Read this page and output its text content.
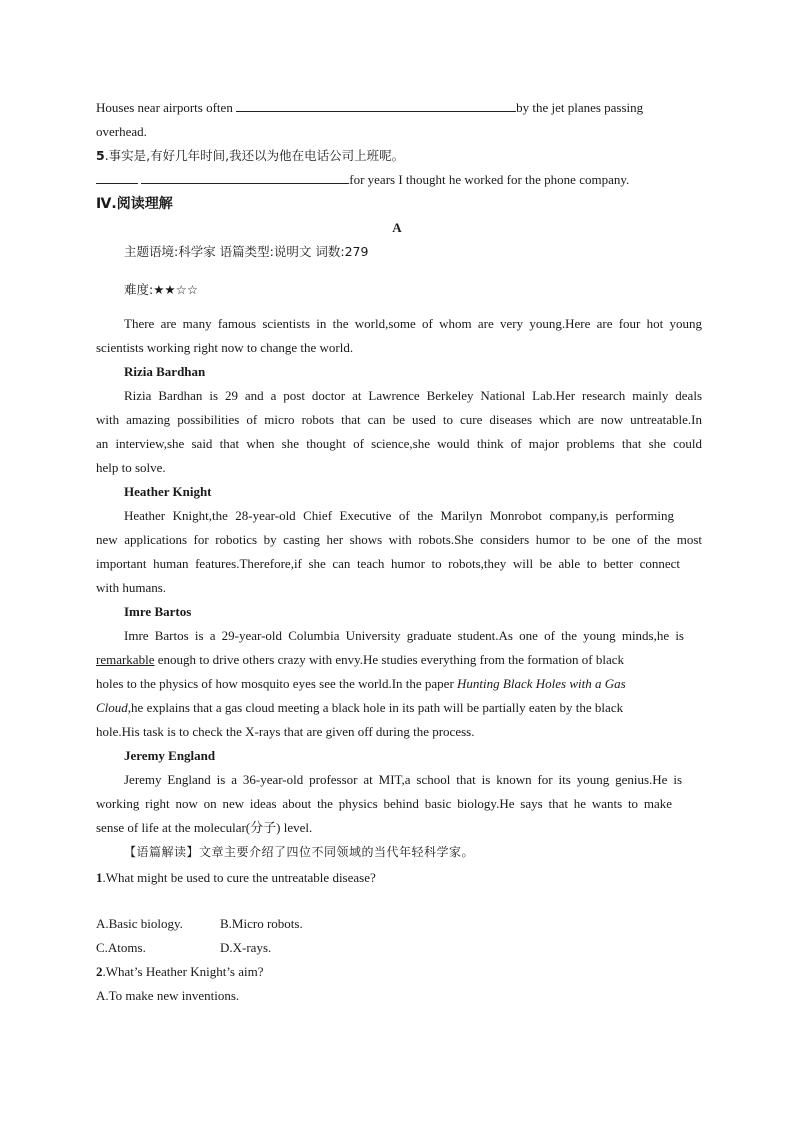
Houses near airports often	by the jet planes passing
overhead.
5.事实是,有好几年时间,我还以为他在电话公司上班呢。
for years I thought he worked for the phone company.
Ⅳ.阅读理解
A
主题语境:科学家 语篇类型:说明文 词数:279
难度:★★☆☆
There are many famous scientists in the world,some of whom are very young.Here are four hot young
scientists working right now to change the world.
Rizia Bardhan
Rizia Bardhan is 29 and a post doctor at Lawrence Berkeley National Lab.Her research mainly deals
with amazing possibilities of micro robots that can be used to cure diseases which are now untreatable.In
an interview,she said that when she thought of science,she would think of major problems that she could
help to solve.
Heather Knight
Heather Knight,the 28-year-old Chief Executive of the Marilyn Monrobot company,is performing
new applications for robotics by casting her shows with robots.She considers humor to be one of the most
important human features.Therefore,if she can teach humor to robots,they will be able to better connect
with humans.
Imre Bartos
Imre Bartos is a 29-year-old Columbia University graduate student.As one of the young minds,he is
remarkable enough to drive others crazy with envy.He studies everything from the formation of black
holes to the physics of how mosquito eyes see the world.In the paper Hunting Black Holes with a Gas
Cloud,he explains that a gas cloud meeting a black hole in its path will be partially eaten by the black
hole.His task is to check the X-rays that are given off during the process.
Jeremy England
Jeremy England is a 36-year-old professor at MIT,a school that is known for its young genius.He is
working right now on new ideas about the physics behind basic biology.He says that he wants to make
sense of life at the molecular(分子) level.
【语篇解读】文章主要介绍了四位不同领域的当代年轻科学家。
1.What might be used to cure the untreatable disease?
A.Basic biology.	B.Micro robots.
C.Atoms.	D.X-rays.
2.What’s Heather Knight’s aim?
A.To make new inventions.
